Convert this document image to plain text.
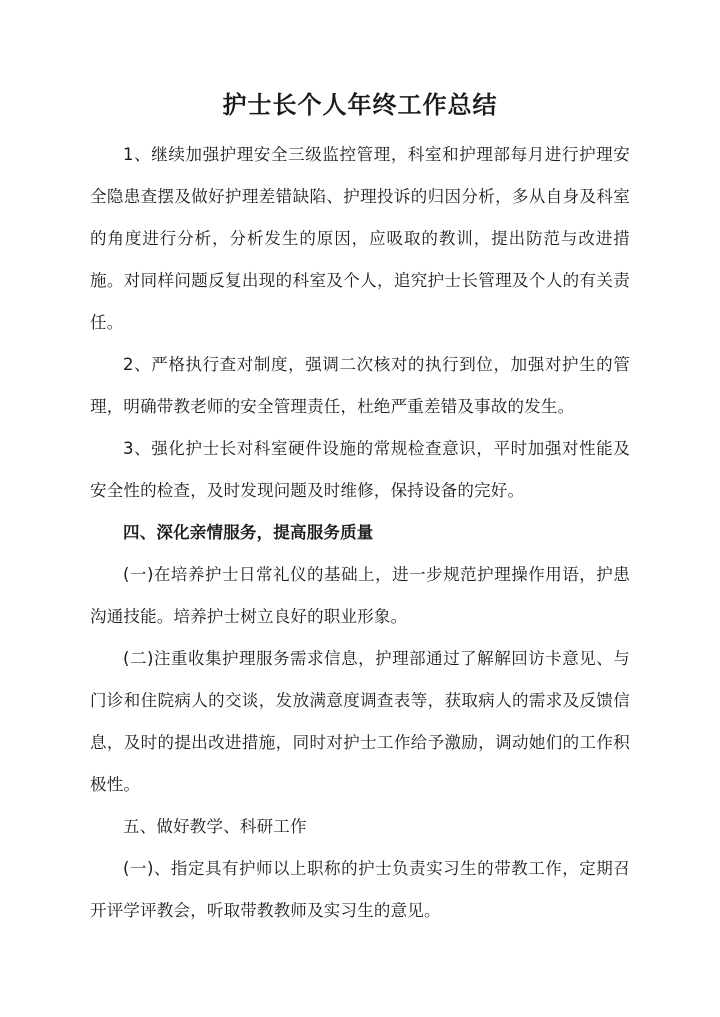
护士长个人年终工作总结

1、继续加强护理安全三级监控管理，科室和护理部每月进行护理安全隐患查摆及做好护理差错缺陷、护理投诉的归因分析，多从自身及科室的角度进行分析，分析发生的原因，应吸取的教训，提出防范与改进措施。对同样问题反复出现的科室及个人，追究护士长管理及个人的有关责任。

2、严格执行查对制度，强调二次核对的执行到位，加强对护生的管理，明确带教老师的安全管理责任，杜绝严重差错及事故的发生。

3、强化护士长对科室硬件设施的常规检查意识，平时加强对性能及安全性的检查，及时发现问题及时维修，保持设备的完好。

四、深化亲情服务，提高服务质量

(一)在培养护士日常礼仪的基础上，进一步规范护理操作用语，护患沟通技能。培养护士树立良好的职业形象。

(二)注重收集护理服务需求信息，护理部通过了解解回访卡意见、与门诊和住院病人的交谈，发放满意度调查表等，获取病人的需求及反馈信息，及时的提出改进措施，同时对护士工作给予激励，调动她们的工作积极性。

五、做好教学、科研工作

(一)、指定具有护师以上职称的护士负责实习生的带教工作，定期召开评学评教会，听取带教教师及实习生的意见。
